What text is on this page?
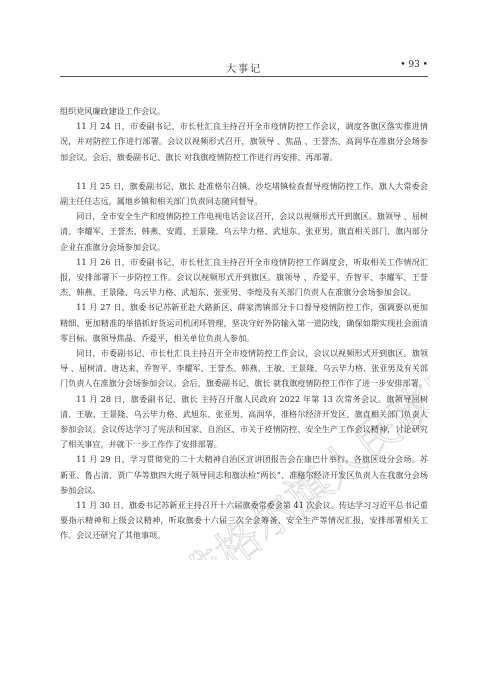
大事记	• 93 •
准格尔旗人民政府

组织党风廉政建设工作会议。

11 月 24 日，市委副书记、市长杜汇良主持召开全市疫情防控工作会议，调度各旗区落实推进情况，并对防控工作进行部署。会议以视频形式召开，旗领导 、焦晶 、王誉杰、高润华在准旗分会场参加会议。会后，旗委副书记、旗长 对我旗疫情防控工作进行再安排、再部署。

11 月 25 日，旗委副书记、旗长 赴准格尔召镇、沙圪堵镇检查督导疫情防控工作。旗人大常委会副主任任志远，属地乡镇和相关部门负责同志随同督导。

同日，全市安全生产和疫情防控工作电视电话会议召开，会议以视频形式开到旗区。旗领导 、屈树清、李耀军、王誉杰、韩燕、安霞、王景隆、乌云毕力格、武旭东、张亚男，旗直相关部门、旗内部分企业在准旗分会场参加会议。

11 月 26 日，市委副书记、市长杜汇良主持召开全市疫情防控工作调度会，听取相关工作情况汇报，安排部署下一步防控工作。会议以视频形式开到旗区。旗领导 、乔爱平、乔智平、李耀军、王誉杰、韩燕、王景隆、乌云毕力格、武旭东、张亚男、李煌及有关部门负责人在准旗分会场参加会议。

11 月 27 日，旗委书记苏新亚赴大路新区、薛家湾镇部分卡口督导疫情防控工作，强调要以更加精细、更加精准的举措抓好货运司机闭环管理，坚决守好外防输入第一道防线，确保如期实现社会面清零目标。旗领导焦晶、乔爱平，相关单位负责人参加。

同日，市委副书记、市长杜汇良主持召开全市疫情防控工作会议，会议以视频形式开到旗区。旗领导 、屈树清、唐达来、乔智平、李耀军、王誉杰、韩燕、王敏、王景隆、乌云毕力格、张亚男及有关部门负责人在准旗分会场参加会议。会后，旗委副书记、旗长 就我旗疫情防控工作作了进一步安排部署。

11 月 28 日，旗委副书记、旗长 主持召开旗人民政府 2022 年第 13 次常务会议。旗领导屈树清、王敏、王景隆、乌云毕力格、武旭东、张亚男、高润华，准格尔经济开发区、旗直相关部门负责人参加会议。会议传达学习了宪法和国家、自治区、市关于疫情防控、安全生产工作会议精神，讨论研究了相关事宜，并就下一步工作作了安排部署。

11 月 29 日，学习贯彻党的二十大精神自治区宣讲团报告会在康巴什举行。各旗区设分会场。苏新亚、鲁占清、贾广华等旗四大班子领导同志和旗法检“两长”、准格尔经济开发区负责人在我旗分会场参加会议。

11 月 30 日，旗委书记苏新亚主持召开十六届旗委常委会第 41 次会议。传达学习习近平总书记重要指示精神和上级会议精神，听取旗委十六届三次全会筹备、安全生产等情况汇报，安排部署相关工作。会议还研究了其他事项。
